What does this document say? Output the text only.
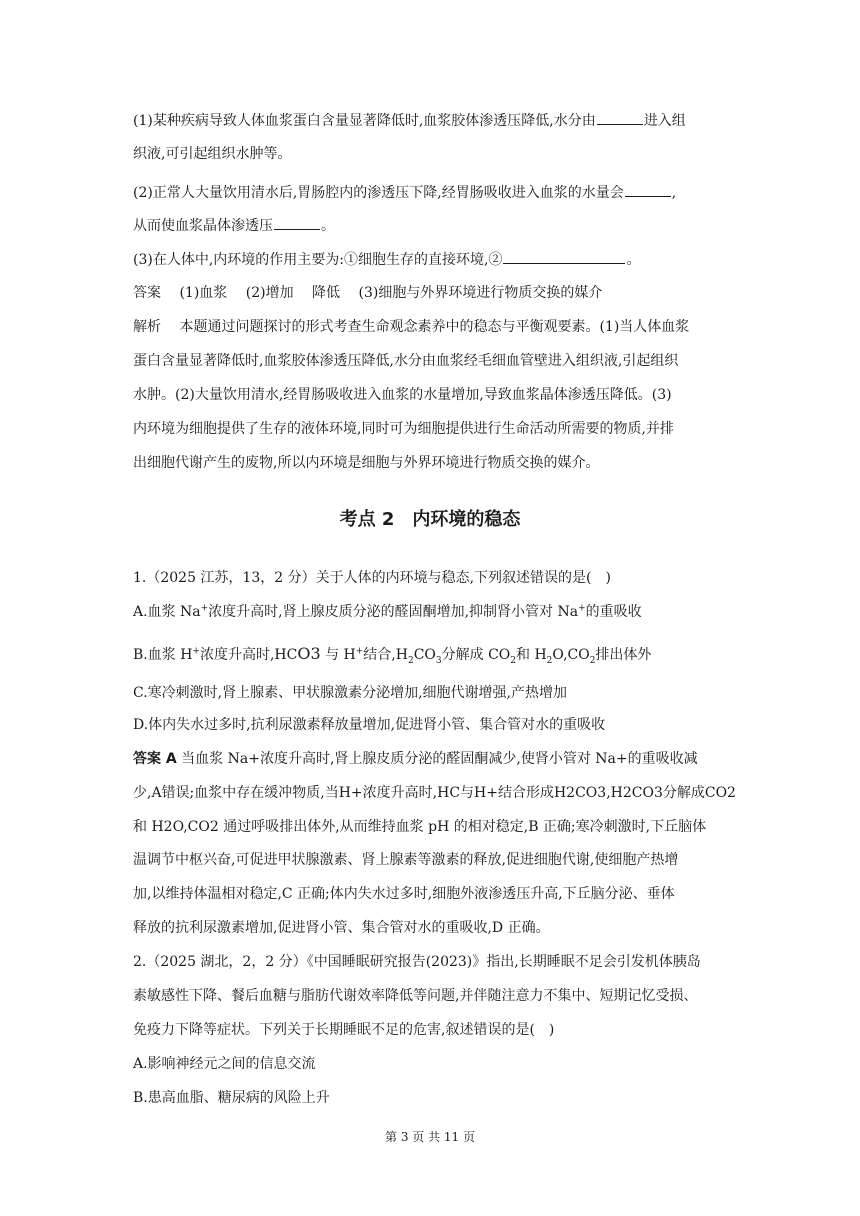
(1)某种疾病导致人体血浆蛋白含量显著降低时,血浆胶体渗透压降低,水分由	进入组
织液,可引起组织水肿等。
(2)正常人大量饮用清水后,胃肠腔内的渗透压下降,经胃肠吸收进入血浆的水量会	,
从而使血浆晶体渗透压	。
(3)在人体中,内环境的作用主要为:①细胞生存的直接环境,②	。
答案 (1)血浆 (2)增加 降低 (3)细胞与外界环境进行物质交换的媒介
解析 本题通过问题探讨的形式考查生命观念素养中的稳态与平衡观要素。(1)当人体血浆
蛋白含量显著降低时,血浆胶体渗透压降低,水分由血浆经毛细血管壁进入组织液,引起组织
水肿。(2)大量饮用清水,经胃肠吸收进入血浆的水量增加,导致血浆晶体渗透压降低。(3)
内环境为细胞提供了生存的液体环境,同时可为细胞提供进行生命活动所需要的物质,并排
出细胞代谢产生的废物,所以内环境是细胞与外界环境进行物质交换的媒介。
考点 2　内环境的稳态
1.（2025 江苏，13，2 分）关于人体的内环境与稳态,下列叙述错误的是(　)
A.血浆 Na+浓度升高时,肾上腺皮质分泌的醛固酮增加,抑制肾小管对 Na+的重吸收
B.血浆 H+浓度升高时,HCO3 与 H+结合$,H_2CO_3$分解成 $CO_2$和 $H_2O,CO_2$排出体外
C.寒冷刺激时,肾上腺素、甲状腺激素分泌增加,细胞代谢增强,产热增加
D.体内失水过多时,抗利尿激素释放量增加,促进肾小管、集合管对水的重吸收
答案 A 当血浆 Na+浓度升高时,肾上腺皮质分泌的醛固酮减少,使肾小管对 Na+的重吸收减
少,A错误;血浆中存在缓冲物质,当H+浓度升高时,HC与H+结合形成H2CO3,H2CO3分解成CO2
和 H2O,CO2 通过呼吸排出体外,从而维持血浆 pH 的相对稳定,B 正确;寒冷刺激时,下丘脑体
温调节中枢兴奋,可促进甲状腺激素、肾上腺素等激素的释放,促进细胞代谢,使细胞产热增
加,以维持体温相对稳定,C 正确;体内失水过多时,细胞外液渗透压升高,下丘脑分泌、垂体
释放的抗利尿激素增加,促进肾小管、集合管对水的重吸收,D 正确。
2.（2025 湖北，2，2 分）《中国睡眠研究报告(2023)》指出,长期睡眠不足会引发机体胰岛
素敏感性下降、餐后血糖与脂肪代谢效率降低等问题,并伴随注意力不集中、短期记忆受损、
免疫力下降等症状。下列关于长期睡眠不足的危害,叙述错误的是(　)
A.影响神经元之间的信息交流
B.患高血脂、糖尿病的风险上升
第 3 页 共 11 页
